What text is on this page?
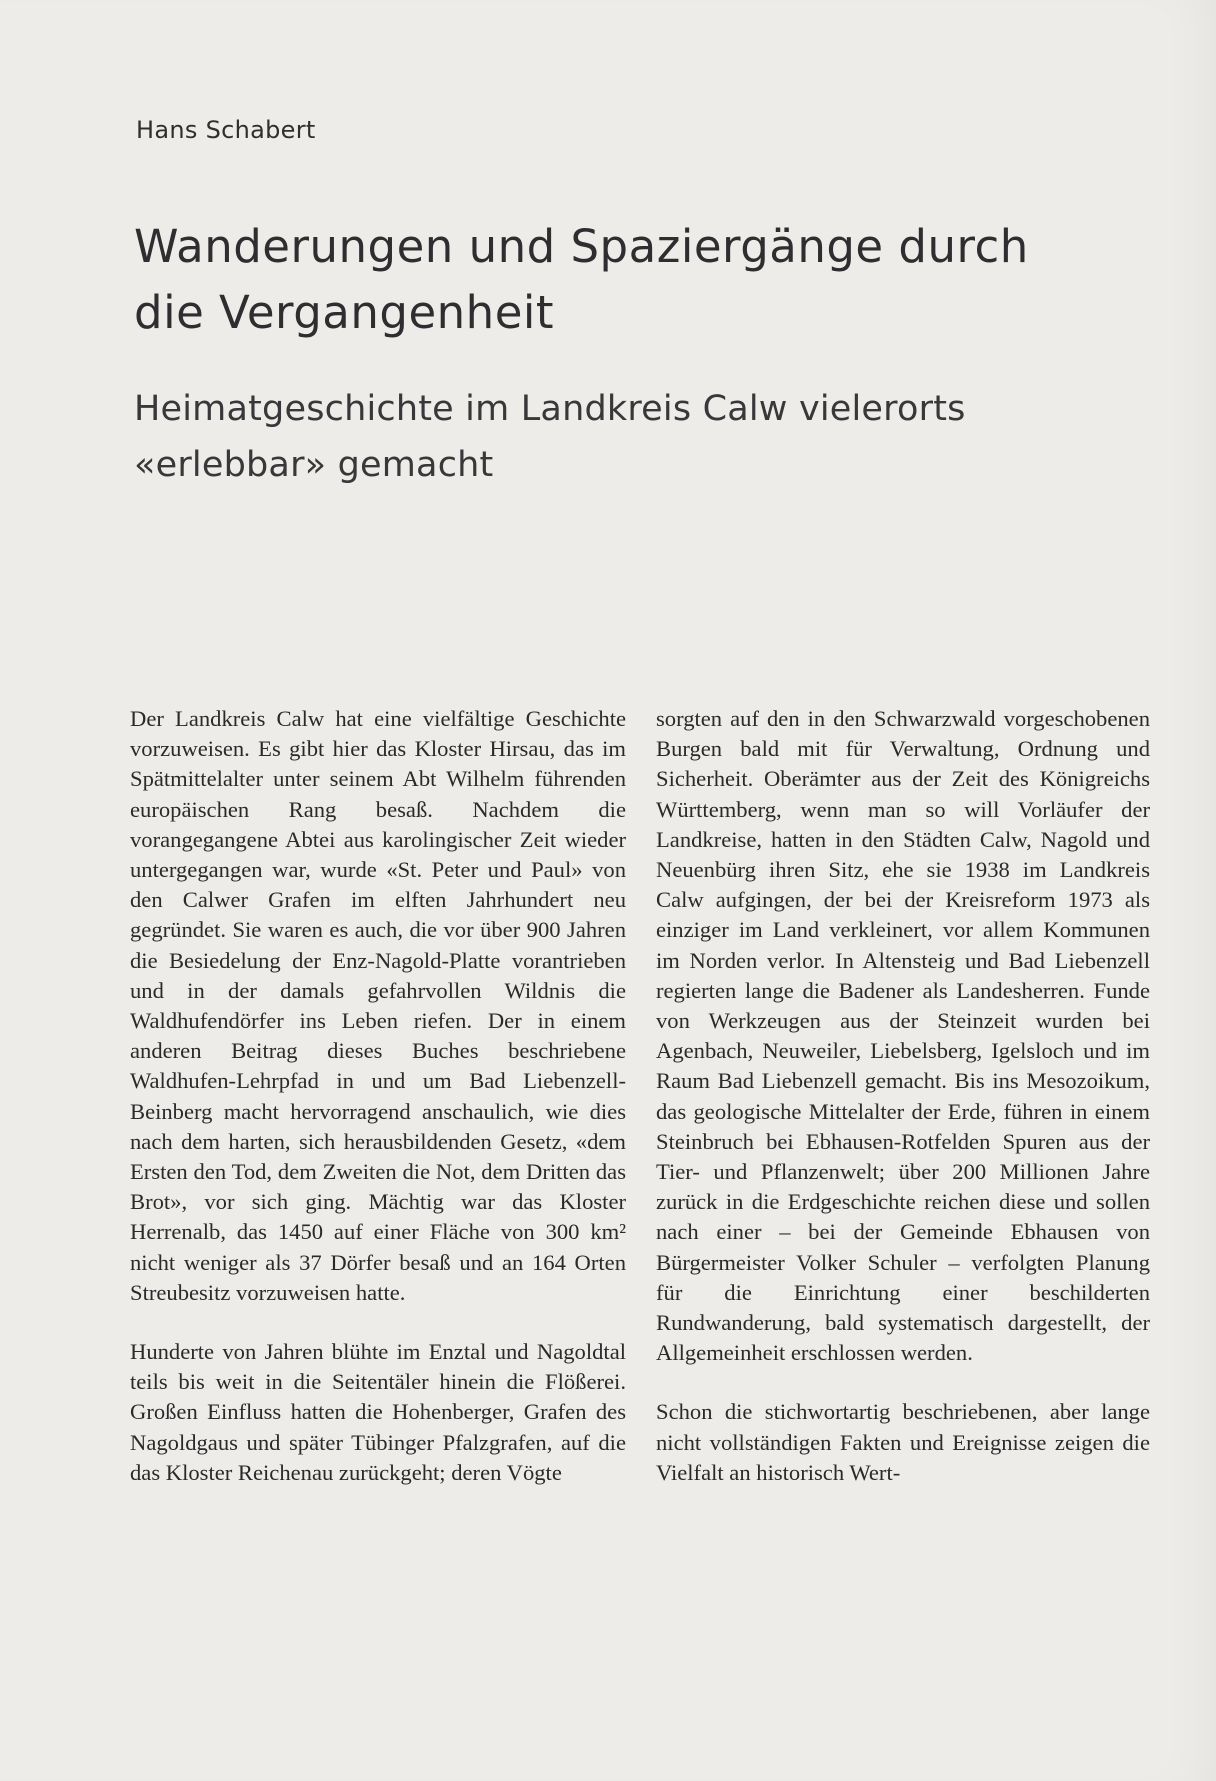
Hans Schabert

Wanderungen und Spaziergänge durch die Vergangenheit
Heimatgeschichte im Landkreis Calw vielerorts «erlebbar» gemacht

Der Landkreis Calw hat eine vielfältige Geschichte vorzuweisen. Es gibt hier das Kloster Hirsau, das im Spätmittelalter unter seinem Abt Wilhelm führenden europäischen Rang besaß. Nachdem die vorangegangene Abtei aus karolingischer Zeit wieder untergegangen war, wurde «St. Peter und Paul» von den Calwer Grafen im elften Jahrhundert neu gegründet. Sie waren es auch, die vor über 900 Jahren die Besiedelung der Enz-Nagold-Platte vorantrieben und in der damals gefahrvollen Wildnis die Waldhufendörfer ins Leben riefen. Der in einem anderen Beitrag dieses Buches beschriebene Waldhufen-Lehrpfad in und um Bad Liebenzell-Beinberg macht hervorragend anschaulich, wie dies nach dem harten, sich herausbildenden Gesetz, «dem Ersten den Tod, dem Zweiten die Not, dem Dritten das Brot», vor sich ging. Mächtig war das Kloster Herrenalb, das 1450 auf einer Fläche von 300 km² nicht weniger als 37 Dörfer besaß und an 164 Orten Streubesitz vorzuweisen hatte.

Hunderte von Jahren blühte im Enztal und Nagoldtal teils bis weit in die Seitentäler hinein die Flößerei. Großen Einfluss hatten die Hohenberger, Grafen des Nagoldgaus und später Tübinger Pfalzgrafen, auf die das Kloster Reichenau zurückgeht; deren Vögte

sorgten auf den in den Schwarzwald vorgeschobenen Burgen bald mit für Verwaltung, Ordnung und Sicherheit. Oberämter aus der Zeit des Königreichs Württemberg, wenn man so will Vorläufer der Landkreise, hatten in den Städten Calw, Nagold und Neuenbürg ihren Sitz, ehe sie 1938 im Landkreis Calw aufgingen, der bei der Kreisreform 1973 als einziger im Land verkleinert, vor allem Kommunen im Norden verlor. In Altensteig und Bad Liebenzell regierten lange die Badener als Landesherren. Funde von Werkzeugen aus der Steinzeit wurden bei Agenbach, Neuweiler, Liebelsberg, Igelsloch und im Raum Bad Liebenzell gemacht. Bis ins Mesozoikum, das geologische Mittelalter der Erde, führen in einem Steinbruch bei Ebhausen-Rotfelden Spuren aus der Tier- und Pflanzenwelt; über 200 Millionen Jahre zurück in die Erdgeschichte reichen diese und sollen nach einer – bei der Gemeinde Ebhausen von Bürgermeister Volker Schuler – verfolgten Planung für die Einrichtung einer beschilderten Rundwanderung, bald systematisch dargestellt, der Allgemeinheit erschlossen werden.

Schon die stichwortartig beschriebenen, aber lange nicht vollständigen Fakten und Ereignisse zeigen die Vielfalt an historisch Wert-
